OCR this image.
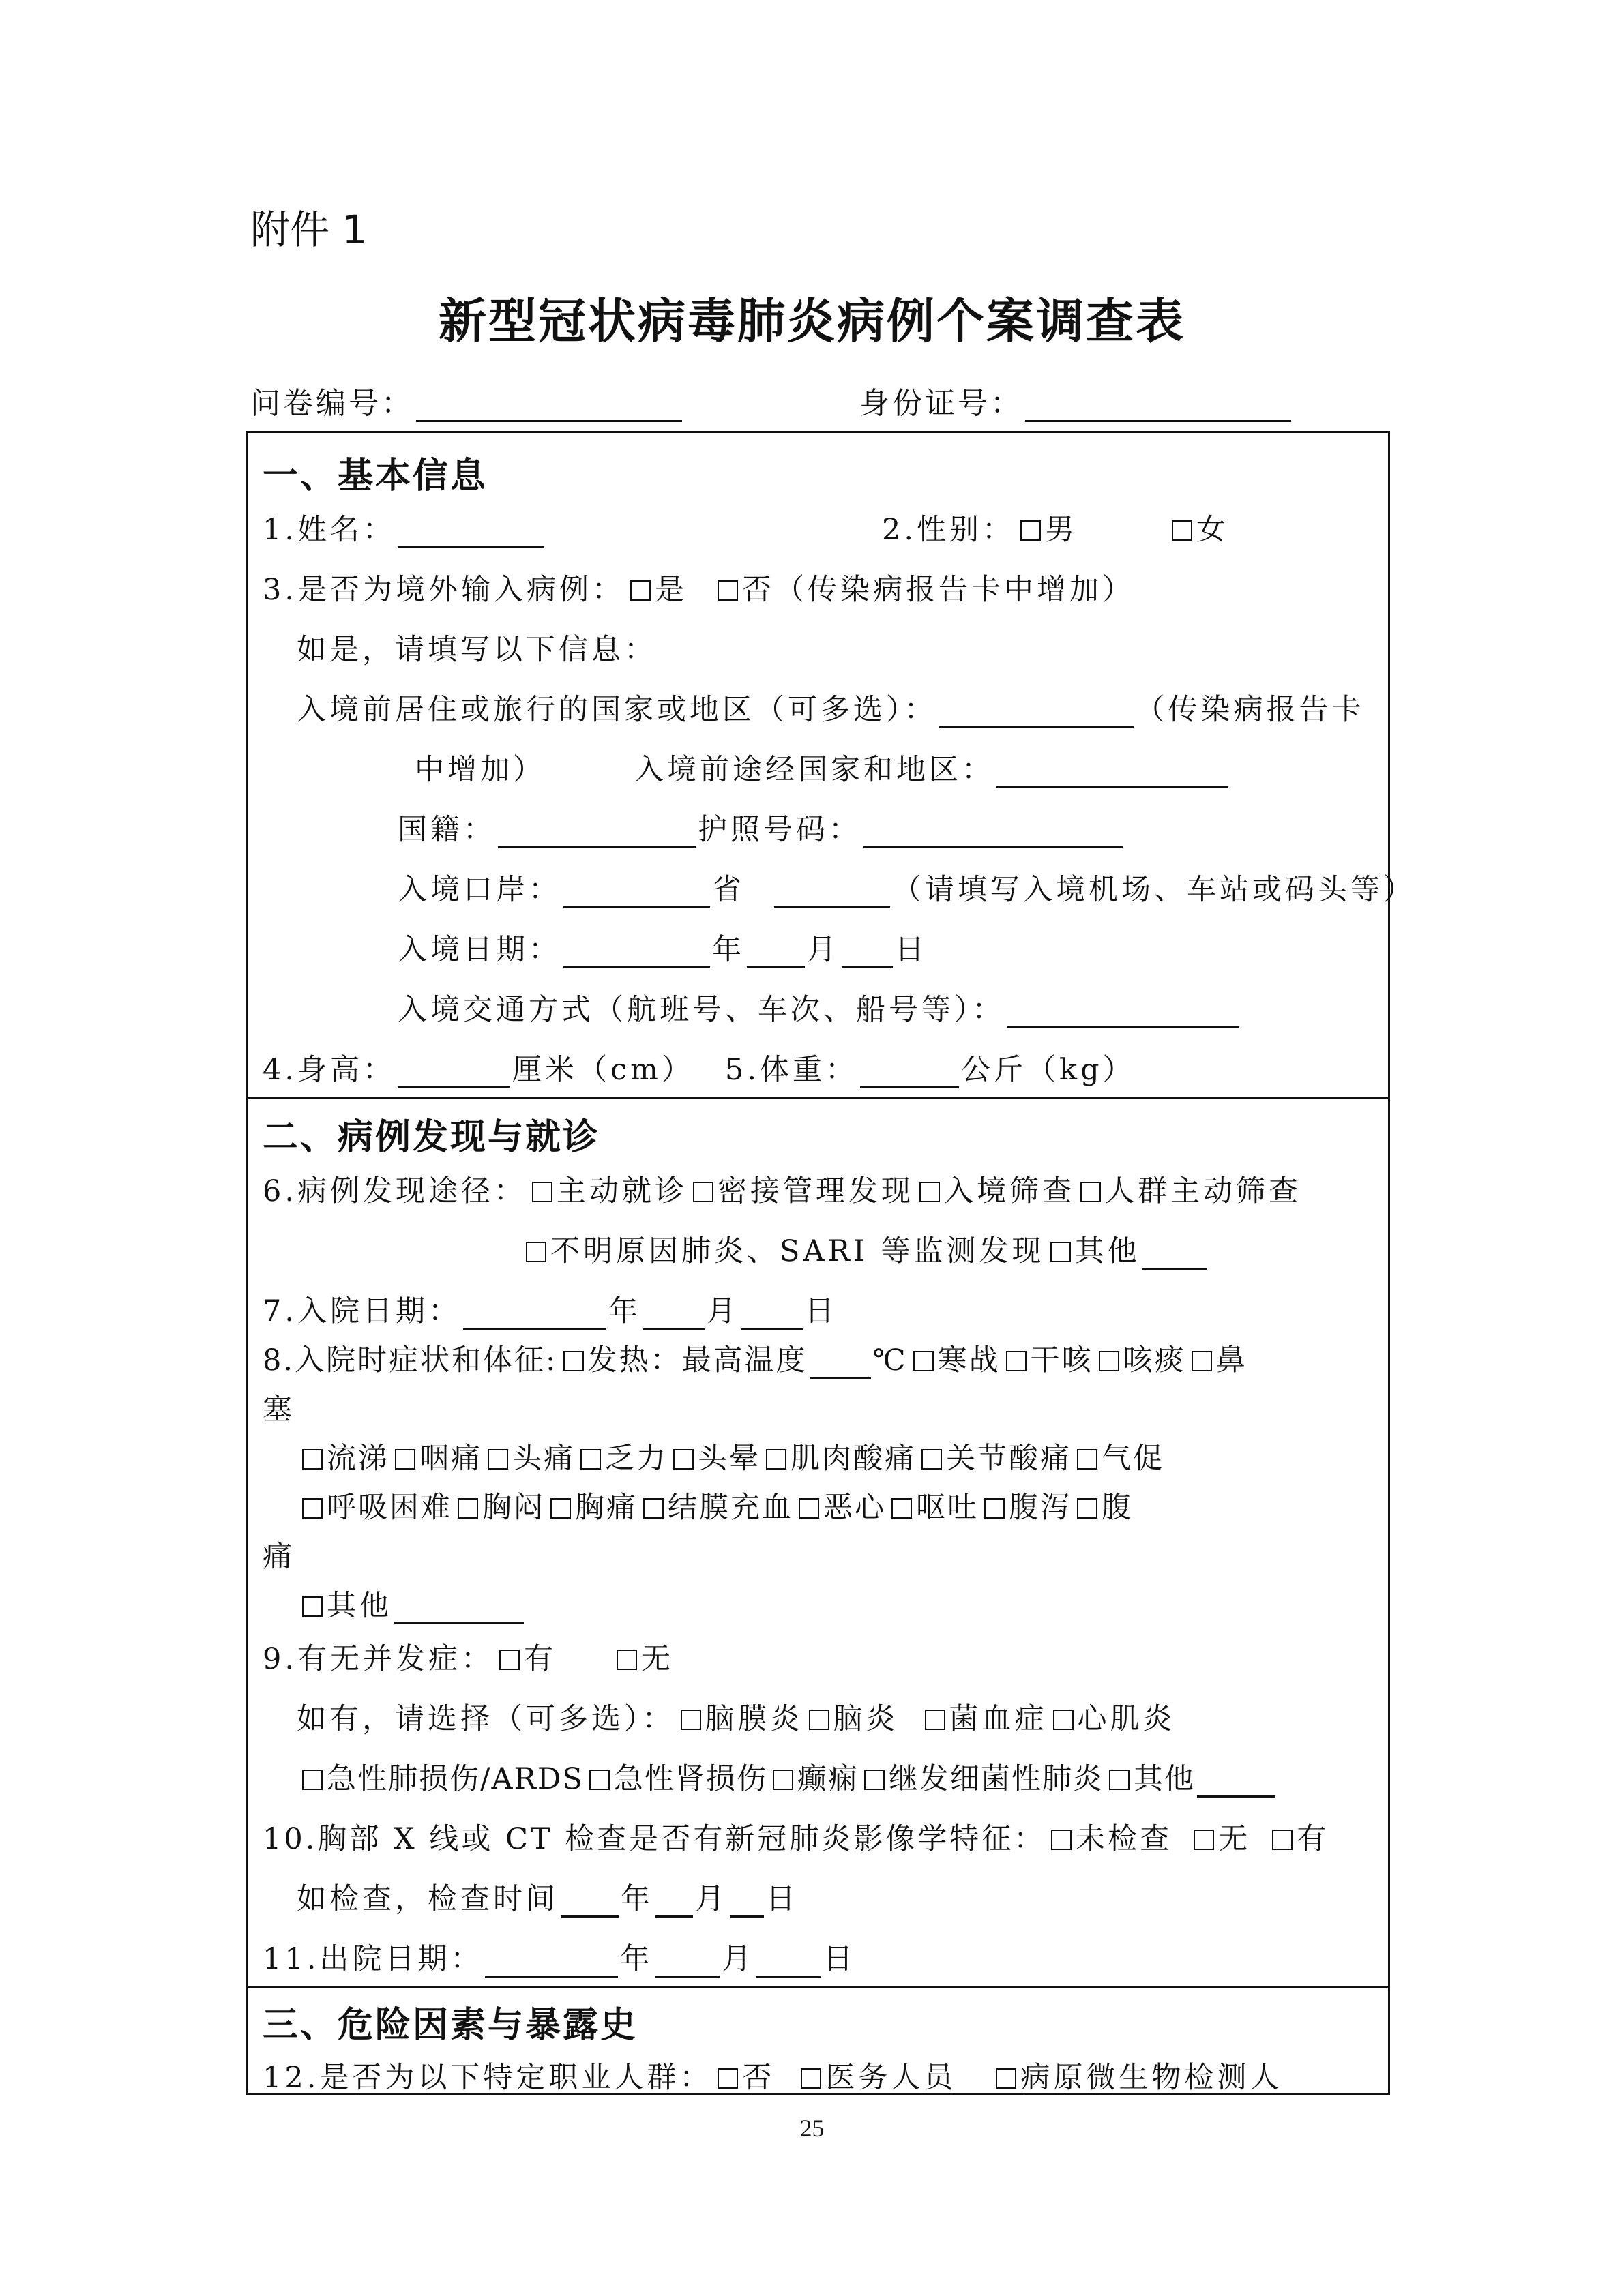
附件 1
新型冠状病毒肺炎病例个案调查表
问卷编号：	身份证号：
一、基本信息
1.姓名：	2.性别： 男	女
3.是否为境外输入病例： 是 否（传染病报告卡中增加）
如是，请填写以下信息：
入境前居住或旅行的国家或地区（可多选）：	（传染病报告卡
中增加）	入境前途经国家和地区：
国籍：	护照号码：
入境口岸：	省	（请填写入境机场、车站或码头等）
入境日期：	年 月 日
入境交通方式（航班号、车次、船号等）：
4.身高：	厘米（cm） 5.体重：	公斤（kg）
二、病例发现与就诊
6.病例发现途径： 主动就诊 密接管理发现 入境筛查 人群主动筛查
不明原因肺炎、SARI 等监测发现 其他
7.入院日期：	年 月 日
8.入院时症状和体征: 发热：最高温度 ℃ 寒战 干咳 咳痰 鼻
塞
流涕 咽痛 头痛 乏力 头晕 肌肉酸痛 关节酸痛 气促
呼吸困难 胸闷 胸痛 结膜充血 恶心 呕吐 腹泻 腹
痛
其他
9.有无并发症： 有	无
如有，请选择（可多选）： 脑膜炎 脑炎 菌血症 心肌炎
急性肺损伤/ARDS 急性肾损伤 癫痫 继发细菌性肺炎 其他
10.胸部 X 线或 CT 检查是否有新冠肺炎影像学特征： 未检查 无 有
如检查，检查时间 年 月 日
11.出院日期：	年 月 日
三、危险因素与暴露史
12.是否为以下特定职业人群： 否 医务人员 病原微生物检测人
25
